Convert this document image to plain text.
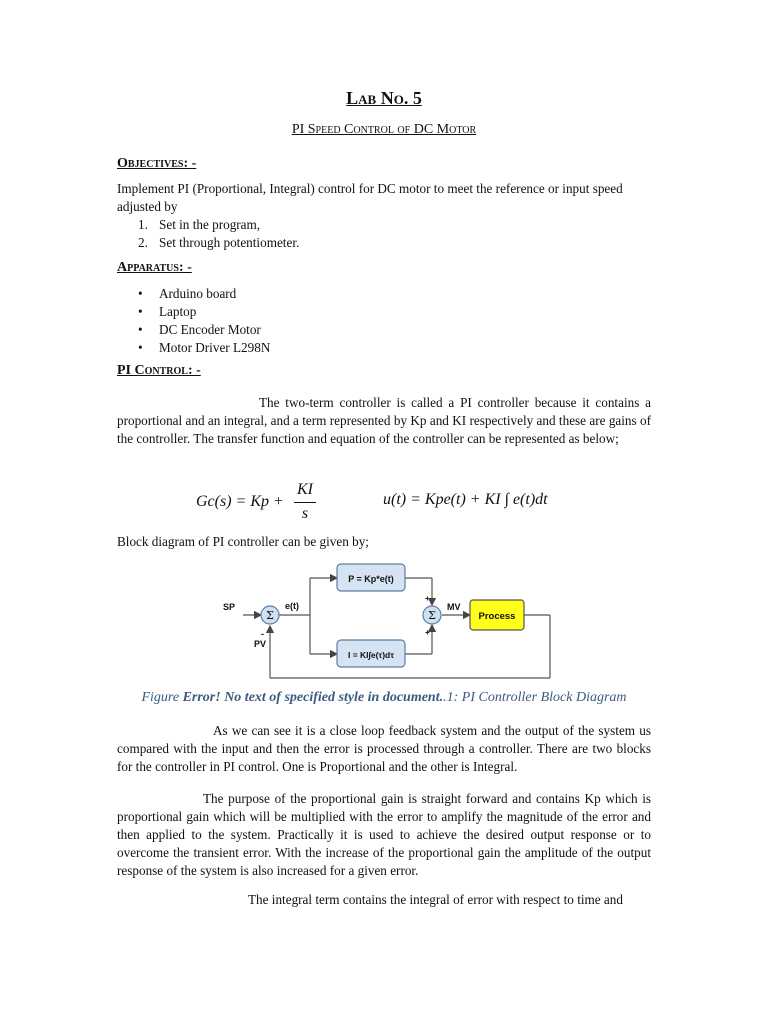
Lab No. 5
PI Speed Control of DC Motor
Objectives: -
Implement PI (Proportional, Integral) control for DC motor to meet the reference or input speed
adjusted by
1. Set in the program,
2. Set through potentiometer.
Apparatus: -
• Arduino board
• Laptop
• DC Encoder Motor
• Motor Driver L298N
PI Control: -
The two-term controller is called a PI controller because it contains a proportional and an integral, and a term represented by Kp and KI respectively and these are gains of the controller. The transfer function and equation of the controller can be represented as below;
Gc(s) = Kp +
KI
s
u(t) = Kpe(t) + KI ∫ e(t)dt
Block diagram of PI controller can be given by;
SP
+
e(t)
PV
-
MV
+
+
Σ	Σ
P = Kp*e(t)
I = KI∫e(τ)dτ
Process
Figure Error! No text of specified style in document..1: PI Controller Block Diagram
As we can see it is a close loop feedback system and the output of the system us compared with the input and then the error is processed through a controller. There are two blocks for the controller in PI control. One is Proportional and the other is Integral.
The purpose of the proportional gain is straight forward and contains Kp which is proportional gain which will be multiplied with the error to amplify the magnitude of the error and then applied to the system. Practically it is used to achieve the desired output response or to overcome the transient error. With the increase of the proportional gain the amplitude of the output response of the system is also increased for a given error.
The integral term contains the integral of error with respect to time and
